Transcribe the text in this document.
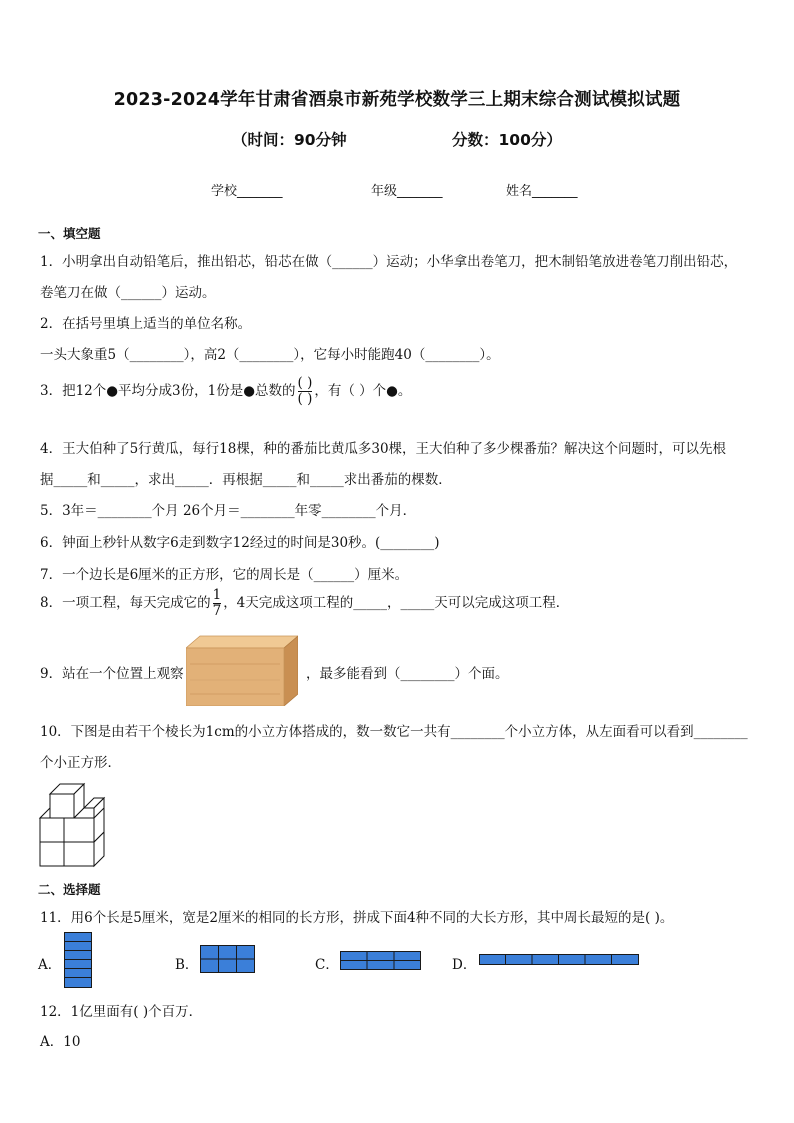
2023-2024学年甘肃省酒泉市新苑学校数学三上期末综合测试模拟试题
（时间：90分钟	分数：100分）
学校_______	年级_______	姓名_______
一、填空题
1．小明拿出自动铅笔后，推出铅芯，铅芯在做（______）运动；小华拿出卷笔刀，把木制铅笔放进卷笔刀削出铅芯，
卷笔刀在做（______）运动。
2．在括号里填上适当的单位名称。
一头大象重5（________），高2（________），它每小时能跑40（________）。
3．把12个●平均分成3份，1份是●总数的 $\frac{( )}{( )}$ ，有（ ）个●。
4．王大伯种了5行黄瓜，每行18棵，种的番茄比黄瓜多30棵，王大伯种了多少棵番茄？解决这个问题时，可以先根
据_____和_____，求出_____．再根据_____和_____求出番茄的棵数．
5．3年＝________个月 26个月＝________年零________个月．
6．钟面上秒针从数字6走到数字12经过的时间是30秒。(________)
7．一个边长是6厘米的正方形，它的周长是（______）厘米。
8．一项工程，每天完成它的 $\frac{1}{7}$ ，4天完成这项工程的_____，_____天可以完成这项工程．
9．站在一个位置上观察	，最多能看到（________）个面。
10．下图是由若干个棱长为1cm的小立方体搭成的，数一数它一共有________个小立方体，从左面看可以看到________
个小正方形．
二、选择题
11．用6个长是5厘米，宽是2厘米的相同的长方形，拼成下面4种不同的大长方形，其中周长最短的是( )。
A．	B．	C．	D．
12．1亿里面有( )个百万．
A．10
